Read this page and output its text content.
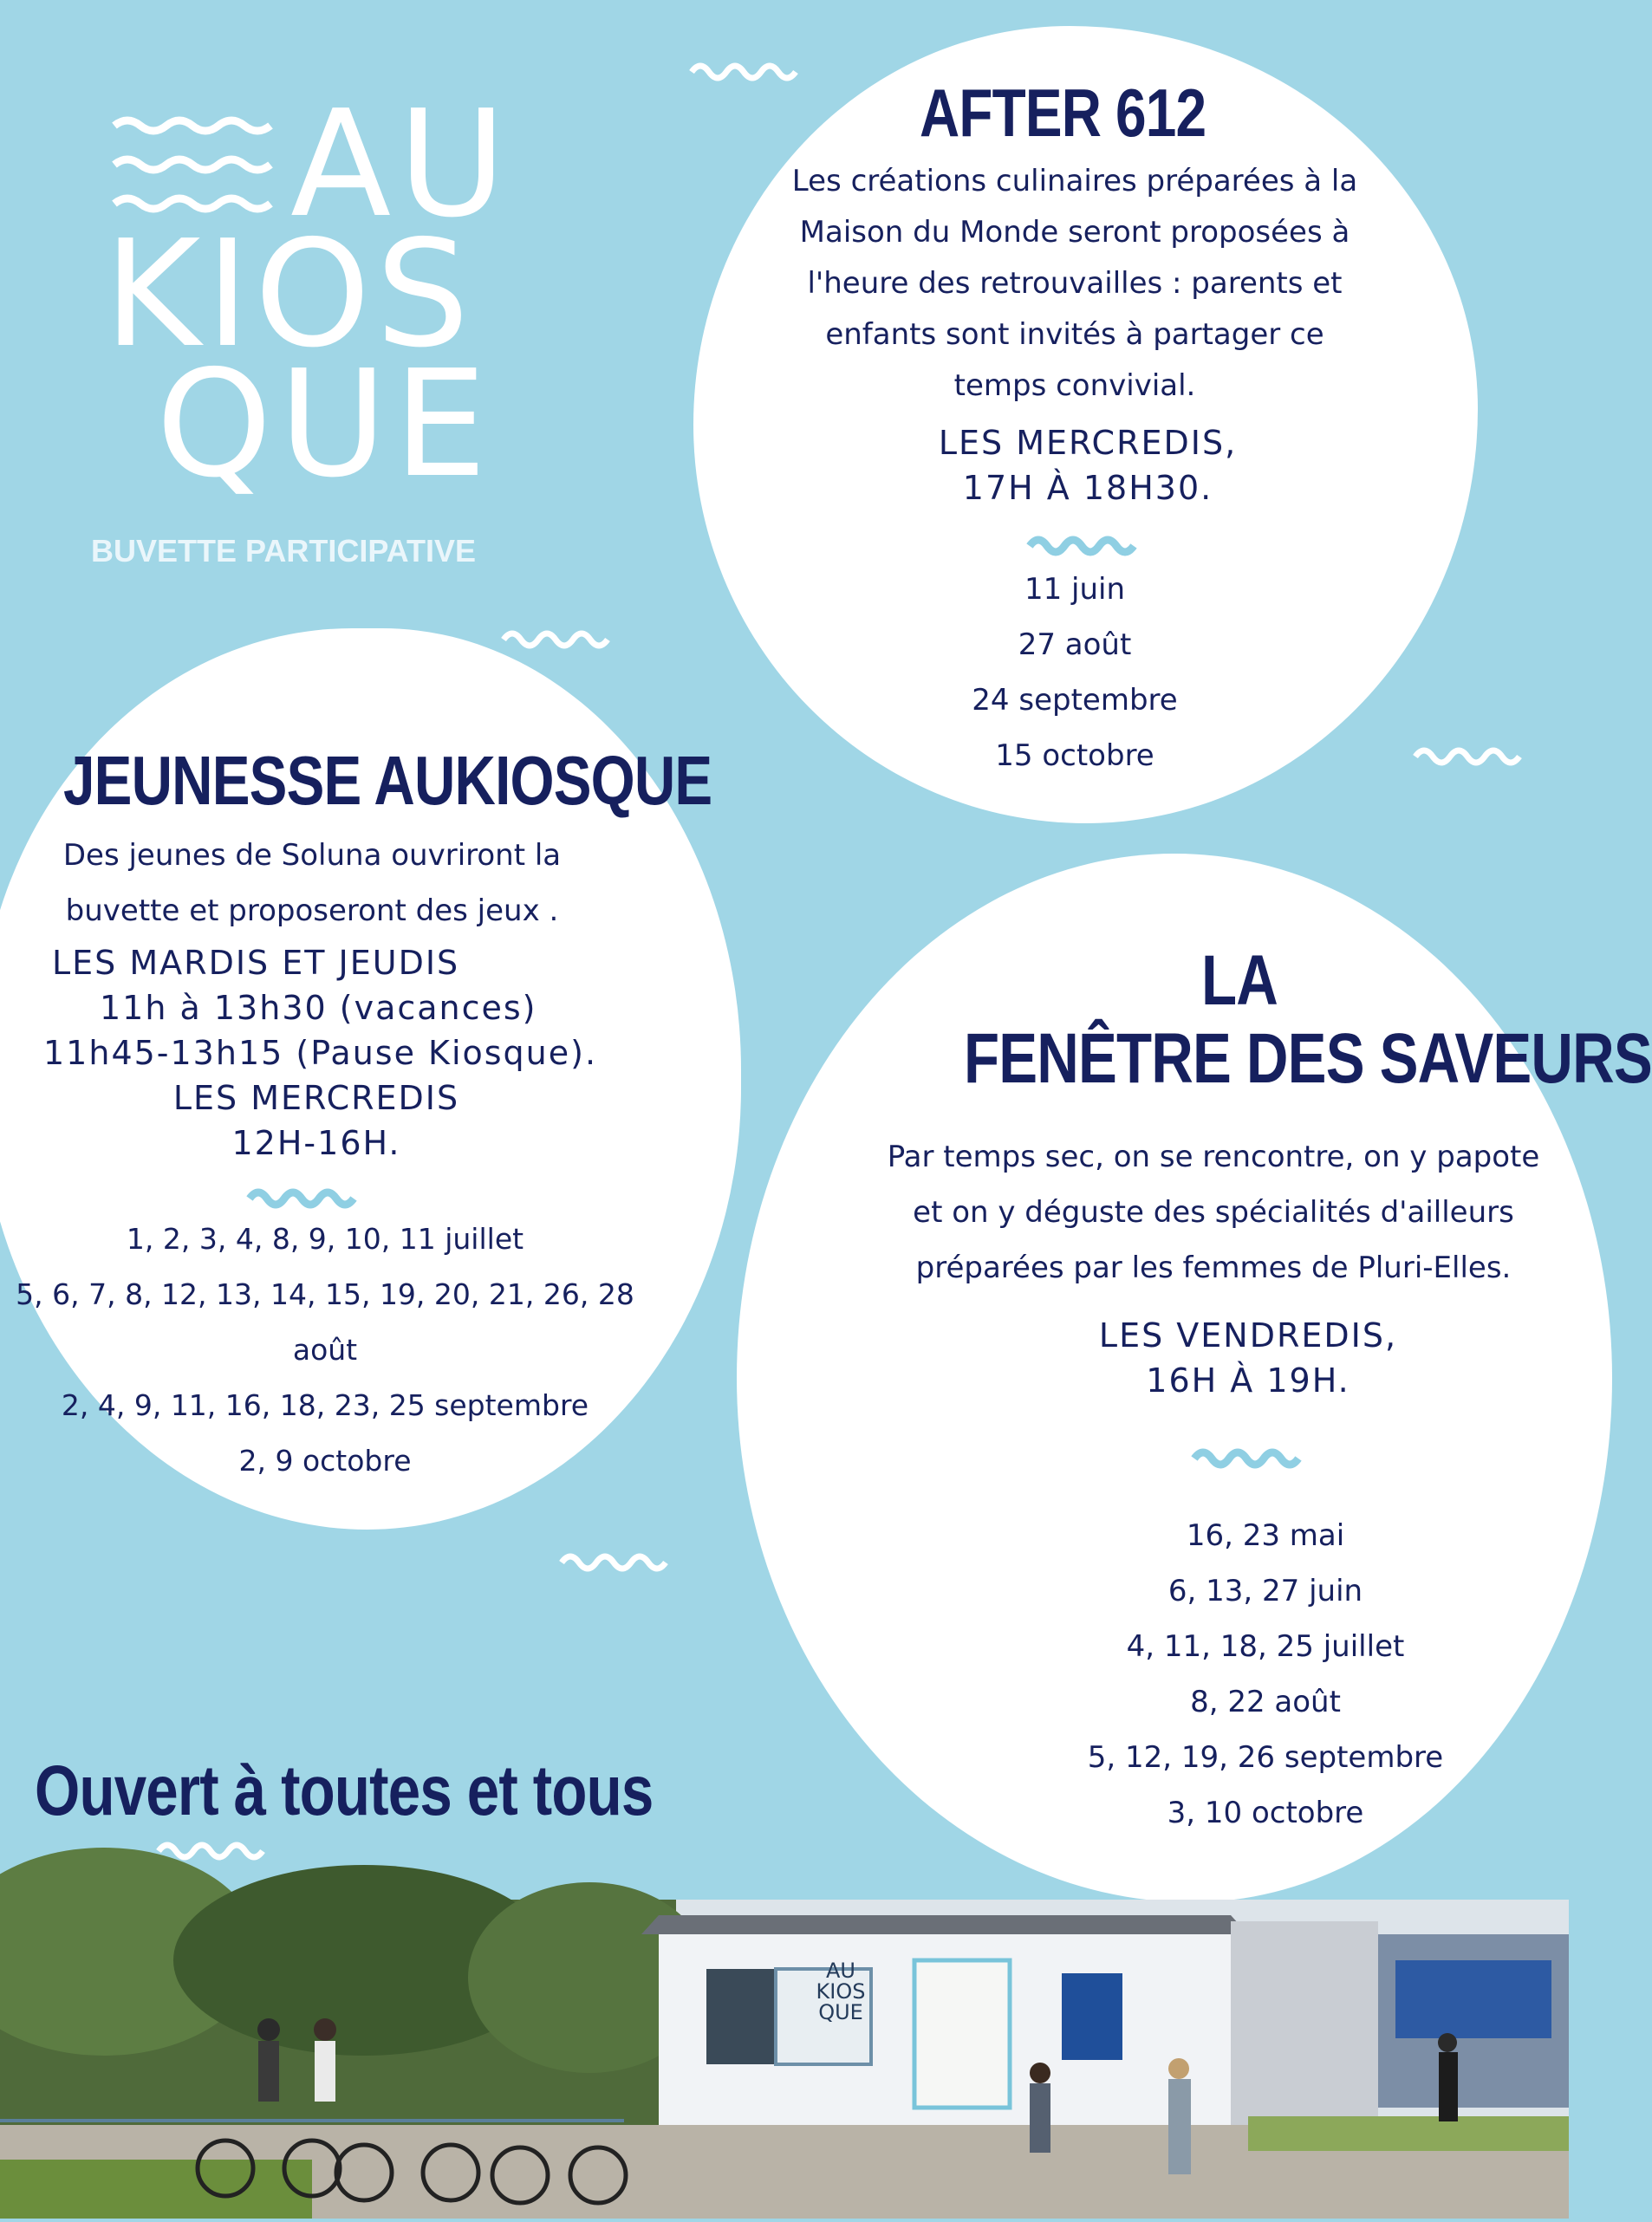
AU
KIOS
QUE
BUVETTE PARTICIPATIVE
AFTER 612
Les créations culinaires préparées à la
Maison du Monde seront proposées à
l'heure des retrouvailles : parents et
enfants sont invités à partager ce
temps convivial.
LES MERCREDIS,
17H À 18H30.
11 juin
27 août
24 septembre
15 octobre
JEUNESSE AUKIOSQUE
Des jeunes de Soluna ouvriront la
buvette et proposeront des jeux .
LES MARDIS ET JEUDIS
11h à 13h30 (vacances)
11h45-13h15 (Pause Kiosque).
LES MERCREDIS
12H-16H.
1, 2, 3, 4, 8, 9, 10, 11 juillet
5, 6, 7, 8, 12, 13, 14, 15, 19, 20, 21, 26, 28
août
2, 4, 9, 11, 16, 18, 23, 25 septembre
2, 9 octobre
LA
FENÊTRE DES SAVEURS
Par temps sec, on se rencontre, on y papote
et on y déguste des spécialités d'ailleurs
préparées par les femmes de Pluri-Elles.
LES VENDREDIS,
16H À 19H.
16, 23 mai
6, 13, 27 juin
4, 11, 18, 25 juillet
8, 22 août
5, 12, 19, 26 septembre
3, 10 octobre
Ouvert à toutes et tous
AU
KIOS
QUE
